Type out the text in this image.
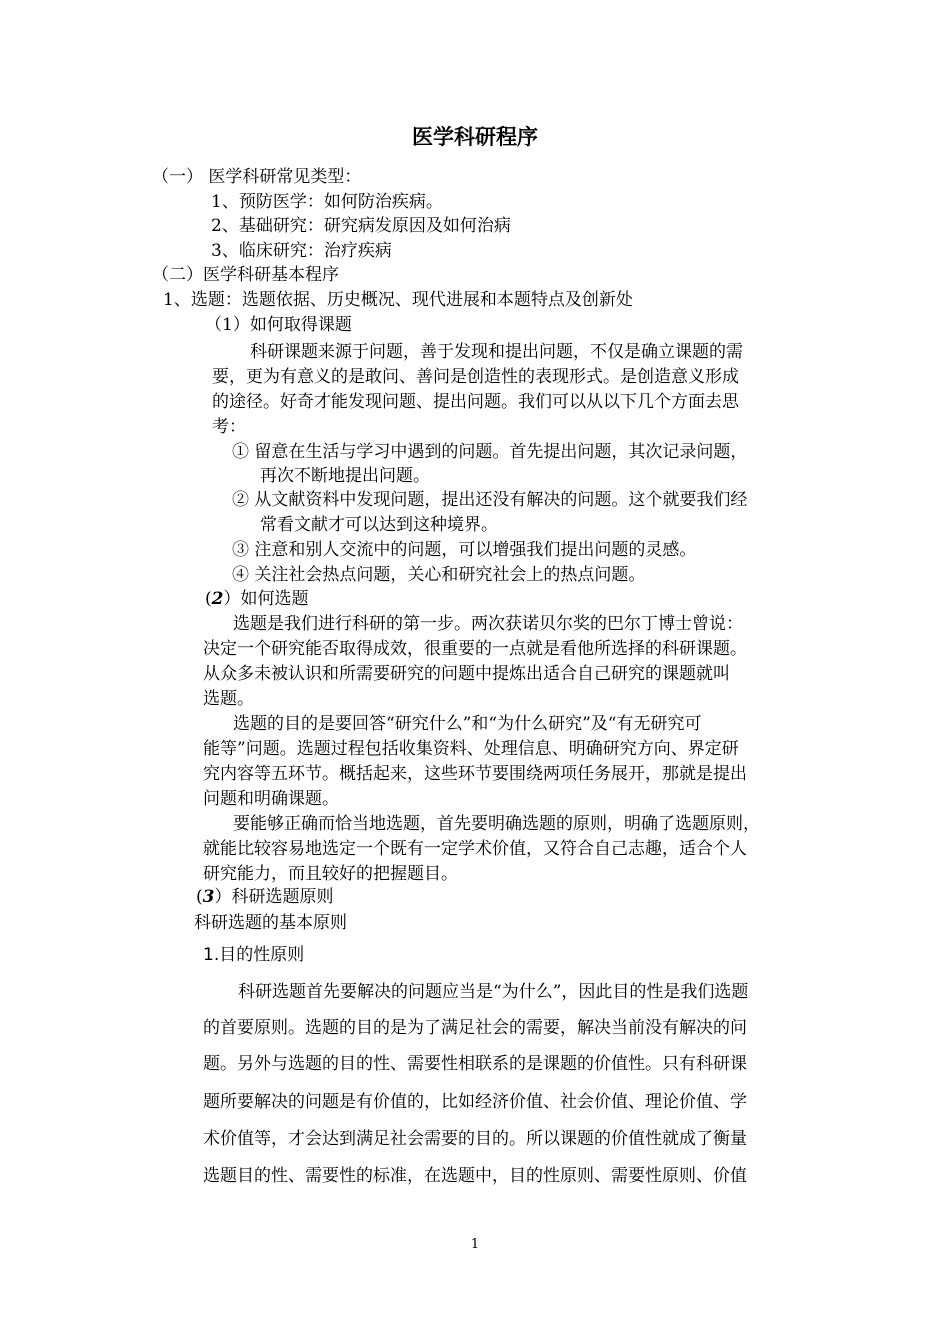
医学科研程序
（一） 医学科研常见类型：
1、预防医学：如何防治疾病。
2、基础研究：研究病发原因及如何治病
3、临床研究：治疗疾病
（二）医学科研基本程序
1、选题：选题依据、历史概况、现代进展和本题特点及创新处
（1）如何取得课题
科研课题来源于问题，善于发现和提出问题，不仅是确立课题的需
要，更为有意义的是敢问、善问是创造性的表现形式。是创造意义形成
的途径。好奇才能发现问题、提出问题。我们可以从以下几个方面去思
考：
① 留意在生活与学习中遇到的问题。首先提出问题，其次记录问题，
再次不断地提出问题。
② 从文献资料中发现问题，提出还没有解决的问题。这个就要我们经
常看文献才可以达到这种境界。
③ 注意和别人交流中的问题，可以增强我们提出问题的灵感。
④ 关注社会热点问题，关心和研究社会上的热点问题。
(2）如何选题
选题是我们进行科研的第一步。两次获诺贝尔奖的巴尔丁博士曾说：
决定一个研究能否取得成效，很重要的一点就是看他所选择的科研课题。
从众多未被认识和所需要研究的问题中提炼出适合自己研究的课题就叫
选题。
选题的目的是要回答“研究什么”和“为什么研究”及“有无研究可
能等”问题。选题过程包括收集资料、处理信息、明确研究方向、界定研
究内容等五环节。概括起来，这些环节要围绕两项任务展开，那就是提出
问题和明确课题。
要能够正确而恰当地选题，首先要明确选题的原则，明确了选题原则，
就能比较容易地选定一个既有一定学术价值，又符合自己志趣，适合个人
研究能力，而且较好的把握题目。
(3）科研选题原则
科研选题的基本原则
1.目的性原则
科研选题首先要解决的问题应当是“为什么”，因此目的性是我们选题
的首要原则。选题的目的是为了满足社会的需要，解决当前没有解决的问
题。另外与选题的目的性、需要性相联系的是课题的价值性。只有科研课
题所要解决的问题是有价值的，比如经济价值、社会价值、理论价值、学
术价值等，才会达到满足社会需要的目的。所以课题的价值性就成了衡量
选题目的性、需要性的标准，在选题中，目的性原则、需要性原则、价值
1
